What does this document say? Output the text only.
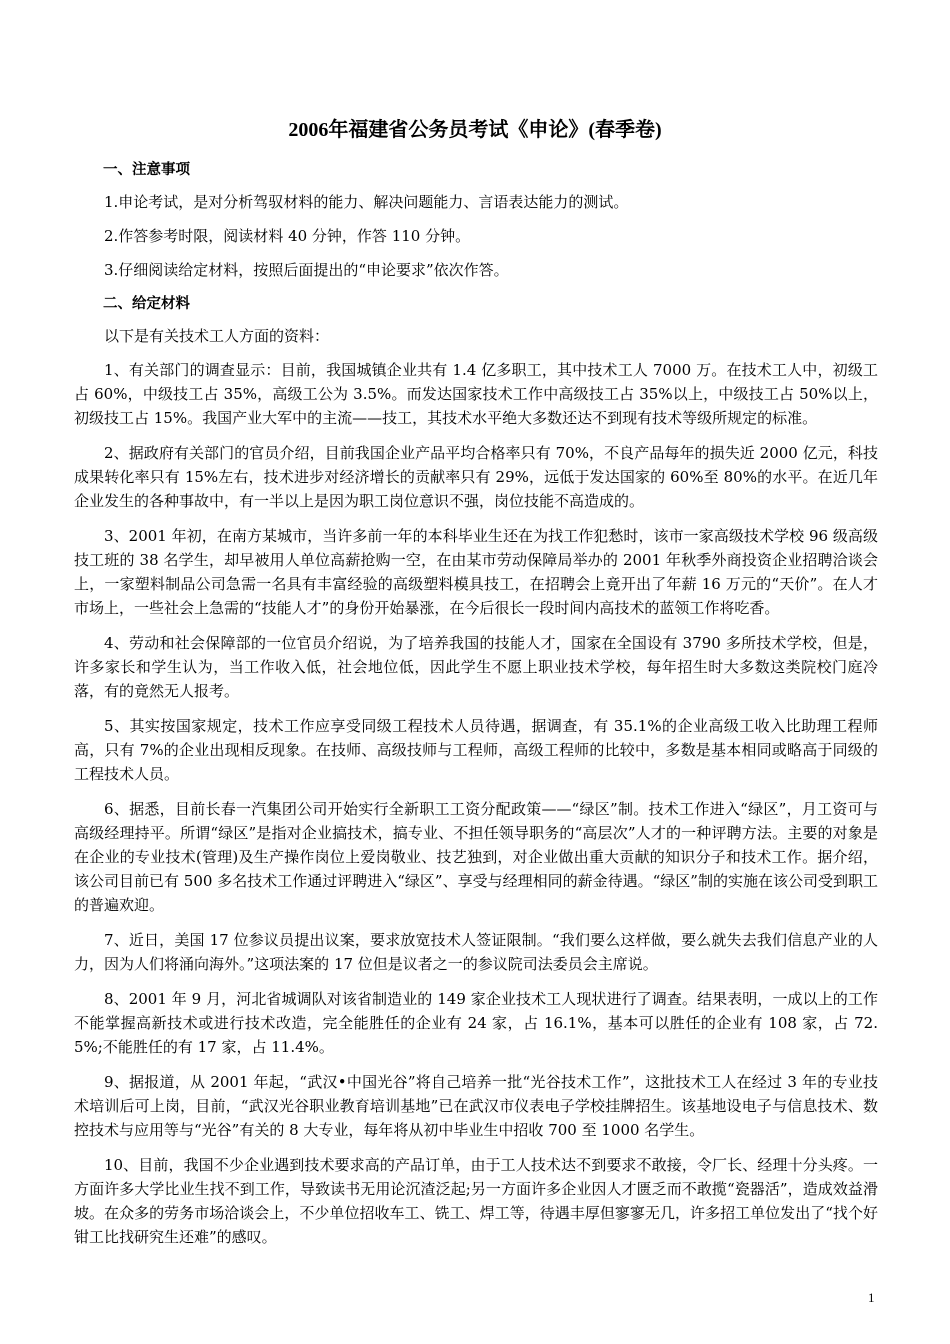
2006年福建省公务员考试《申论》(春季卷)

一、注意事项

1.申论考试，是对分析驾驭材料的能力、解决问题能力、言语表达能力的测试。

2.作答参考时限，阅读材料 40 分钟，作答 110 分钟。

3.仔细阅读给定材料，按照后面提出的“申论要求”依次作答。

二、给定材料

以下是有关技术工人方面的资料：

1、有关部门的调查显示：目前，我国城镇企业共有 1.4 亿多职工，其中技术工人 7000 万。在技术工人中，初级工占 60%，中级技工占 35%，高级工公为 3.5%。而发达国家技术工作中高级技工占 35%以上，中级技工占 50%以上，初级技工占 15%。我国产业大军中的主流——技工，其技术水平绝大多数还达不到现有技术等级所规定的标准。

2、据政府有关部门的官员介绍，目前我国企业产品平均合格率只有 70%，不良产品每年的损失近 2000 亿元，科技成果转化率只有 15%左右，技术进步对经济增长的贡献率只有 29%，远低于发达国家的 60%至 80%的水平。在近几年企业发生的各种事故中，有一半以上是因为职工岗位意识不强，岗位技能不高造成的。

3、2001 年初，在南方某城市，当许多前一年的本科毕业生还在为找工作犯愁时，该市一家高级技术学校 96 级高级技工班的 38 名学生，却早被用人单位高薪抢购一空，在由某市劳动保障局举办的 2001 年秋季外商投资企业招聘洽谈会上，一家塑料制品公司急需一名具有丰富经验的高级塑料模具技工，在招聘会上竟开出了年薪 16 万元的“天价”。在人才市场上，一些社会上急需的“技能人才”的身份开始暴涨，在今后很长一段时间内高技术的蓝领工作将吃香。

4、劳动和社会保障部的一位官员介绍说，为了培养我国的技能人才，国家在全国设有 3790 多所技术学校，但是，许多家长和学生认为，当工作收入低，社会地位低，因此学生不愿上职业技术学校，每年招生时大多数这类院校门庭冷落，有的竟然无人报考。

5、其实按国家规定，技术工作应享受同级工程技术人员待遇，据调查，有 35.1%的企业高级工收入比助理工程师高，只有 7%的企业出现相反现象。在技师、高级技师与工程师，高级工程师的比较中，多数是基本相同或略高于同级的工程技术人员。

6、据悉，目前长春一汽集团公司开始实行全新职工工资分配政策——“绿区”制。技术工作进入“绿区”，月工资可与高级经理持平。所谓“绿区”是指对企业搞技术，搞专业、不担任领导职务的“高层次”人才的一种评聘方法。主要的对象是在企业的专业技术(管理)及生产操作岗位上爱岗敬业、技艺独到，对企业做出重大贡献的知识分子和技术工作。据介绍，该公司目前已有 500 多名技术工作通过评聘进入“绿区”、享受与经理相同的薪金待遇。“绿区”制的实施在该公司受到职工的普遍欢迎。

7、近日，美国 17 位参议员提出议案，要求放宽技术人签证限制。“我们要么这样做，要么就失去我们信息产业的人力，因为人们将涌向海外。”这项法案的 17 位但是议者之一的参议院司法委员会主席说。

8、2001 年 9 月，河北省城调队对该省制造业的 149 家企业技术工人现状进行了调查。结果表明，一成以上的工作不能掌握高新技术或进行技术改造，完全能胜任的企业有 24 家，占 16.1%，基本可以胜任的企业有 108 家，占 72.5%;不能胜任的有 17 家，占 11.4%。

9、据报道，从 2001 年起，“武汉•中国光谷”将自己培养一批“光谷技术工作”，这批技术工人在经过 3 年的专业技术培训后可上岗，目前，“武汉光谷职业教育培训基地”已在武汉市仪表电子学校挂牌招生。该基地设电子与信息技术、数控技术与应用等与“光谷”有关的 8 大专业，每年将从初中毕业生中招收 700 至 1000 名学生。

10、目前，我国不少企业遇到技术要求高的产品订单，由于工人技术达不到要求不敢接，令厂长、经理十分头疼。一方面许多大学比业生找不到工作，导致读书无用论沉渣泛起;另一方面许多企业因人才匮乏而不敢揽“瓷器活”，造成效益滑坡。在众多的劳务市场洽谈会上，不少单位招收车工、铣工、焊工等，待遇丰厚但寥寥无几，许多招工单位发出了“找个好钳工比找研究生还难”的感叹。

1
